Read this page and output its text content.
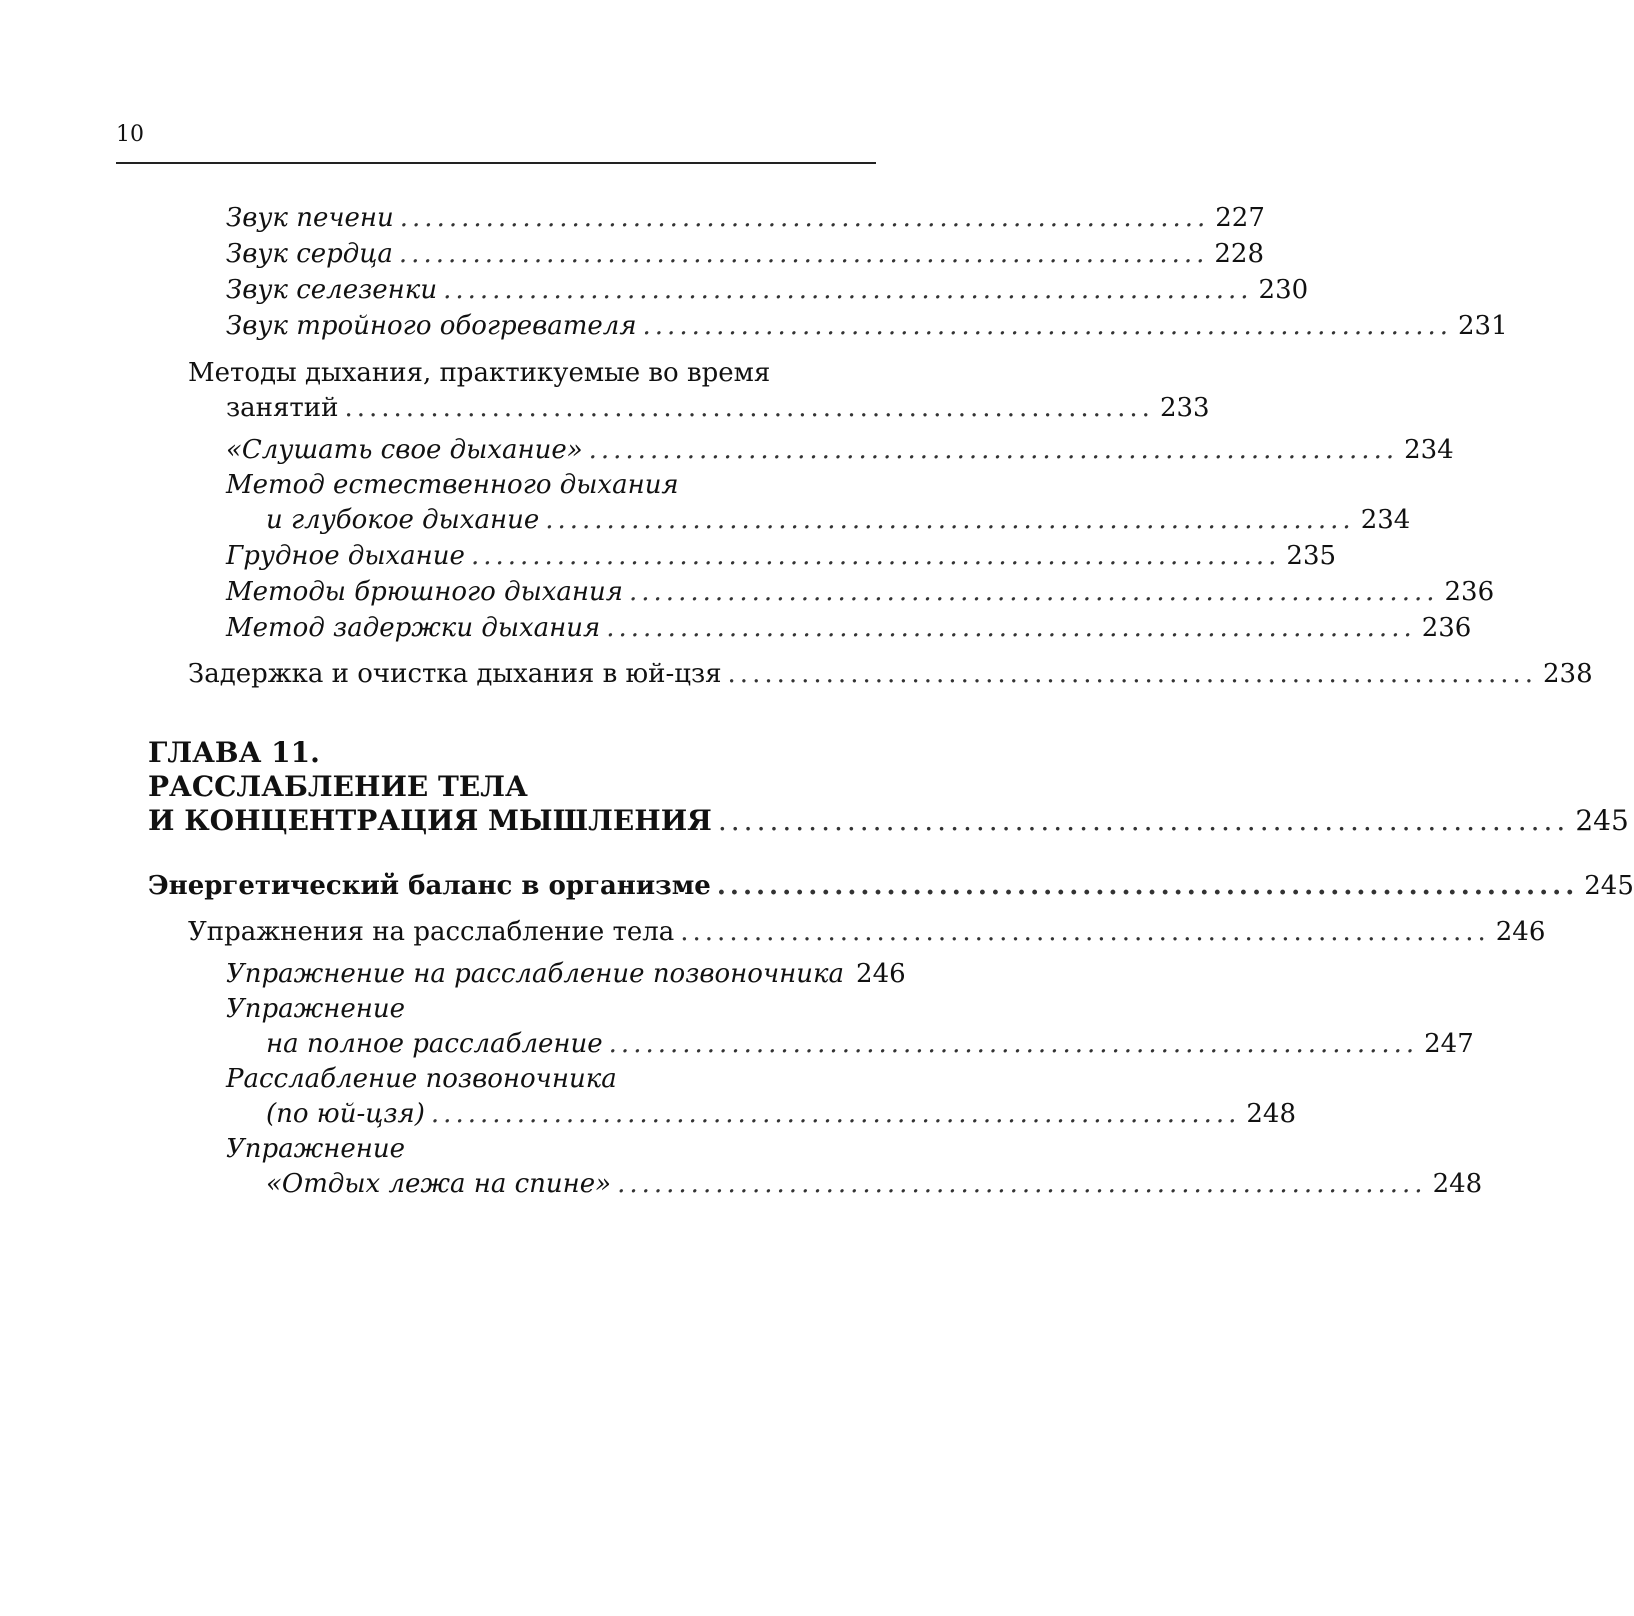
10
Звук печени .................................................................. 227
Звук сердца .................................................................. 228
Звук селезенки .................................................................. 230
Звук тройного обогревателя .................................................................. 231
Методы дыхания, практикуемые во время
занятий .................................................................. 233
«Слушать свое дыхание» .................................................................. 234
Метод естественного дыхания
и глубокое дыхание .................................................................. 234
Грудное дыхание .................................................................. 235
Методы брюшного дыхания .................................................................. 236
Метод задержки дыхания .................................................................. 236
Задержка и очистка дыхания в юй-цзя .................................................................. 238
ГЛАВА 11.
РАССЛАБЛЕНИЕ ТЕЛА
И КОНЦЕНТРАЦИЯ МЫШЛЕНИЯ .................................................................. 245
Энергетический баланс в организме .................................................................. 245
Упражнения на расслабление тела .................................................................. 246
Упражнение на расслабление позвоночника 246
Упражнение
на полное расслабление .................................................................. 247
Расслабление позвоночника
(по юй-цзя) .................................................................. 248
Упражнение
«Отдых лежа на спине» .................................................................. 248
